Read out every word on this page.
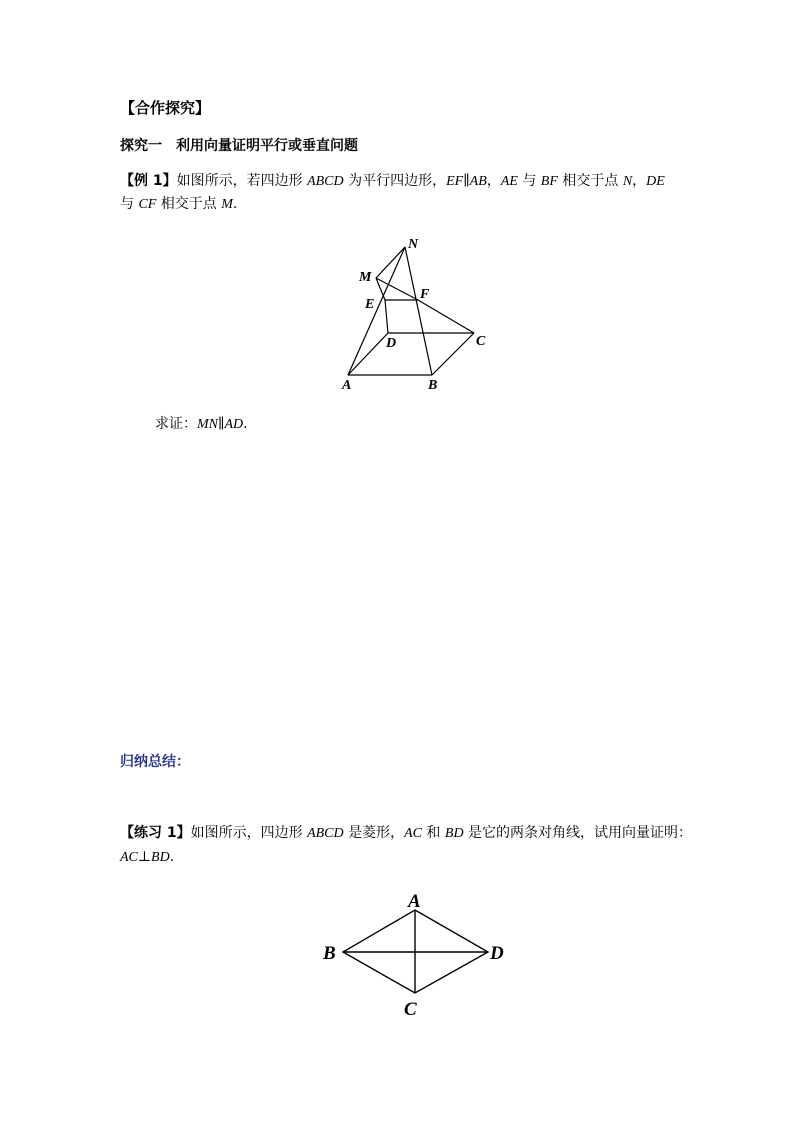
【合作探究】
探究一 利用向量证明平行或垂直问题
【例 1】如图所示，若四边形 ABCD 为平行四边形，EF∥AB，AE 与 BF 相交于点 N，DE
与 CF 相交于点 M.
N
M
E
F
D	C
A	B
求证：MN∥AD.
归纳总结：
【练习 1】如图所示，四边形 ABCD 是菱形，AC 和 BD 是它的两条对角线，试用向量证明：
AC⊥BD.
A
B
C
D
